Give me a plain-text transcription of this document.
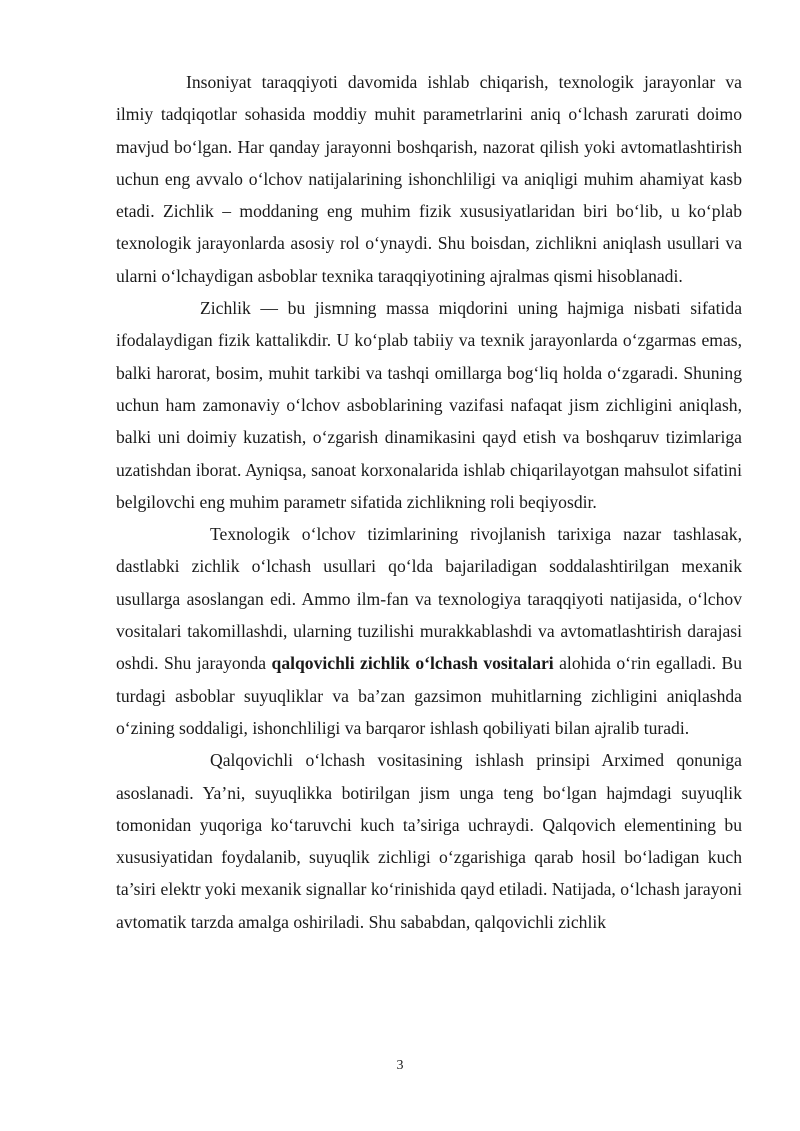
Insoniyat taraqqiyoti davomida ishlab chiqarish, texnologik jarayonlar va ilmiy tadqiqotlar sohasida moddiy muhit parametrlarini aniq o‘lchash zarurati doimo mavjud bo‘lgan. Har qanday jarayonni boshqarish, nazorat qilish yoki avtomatlashtirish uchun eng avvalo o‘lchov natijalarining ishonchliligi va aniqligi muhim ahamiyat kasb etadi. Zichlik – moddaning eng muhim fizik xususiyatlaridan biri bo‘lib, u ko‘plab texnologik jarayonlarda asosiy rol o‘ynaydi. Shu boisdan, zichlikni aniqlash usullari va ularni o‘lchaydigan asboblar texnika taraqqiyotining ajralmas qismi hisoblanadi.

Zichlik — bu jismning massa miqdorini uning hajmiga nisbati sifatida ifodalaydigan fizik kattalikdir. U ko‘plab tabiiy va texnik jarayonlarda o‘zgarmas emas, balki harorat, bosim, muhit tarkibi va tashqi omillarga bog‘liq holda o‘zgaradi. Shuning uchun ham zamonaviy o‘lchov asboblarining vazifasi nafaqat jism zichligini aniqlash, balki uni doimiy kuzatish, o‘zgarish dinamikasini qayd etish va boshqaruv tizimlariga uzatishdan iborat. Ayniqsa, sanoat korxonalarida ishlab chiqarilayotgan mahsulot sifatini belgilovchi eng muhim parametr sifatida zichlikning roli beqiyosdir.

Texnologik o‘lchov tizimlarining rivojlanish tarixiga nazar tashlasak, dastlabki zichlik o‘lchash usullari qo‘lda bajariladigan soddalashtirilgan mexanik usullarga asoslangan edi. Ammo ilm-fan va texnologiya taraqqiyoti natijasida, o‘lchov vositalari takomillashdi, ularning tuzilishi murakkablashdi va avtomatlashtirish darajasi oshdi. Shu jarayonda qalqovichli zichlik o‘lchash vositalari alohida o‘rin egalladi. Bu turdagi asboblar suyuqliklar va ba’zan gazsimon muhitlarning zichligini aniqlashda o‘zining soddaligi, ishonchliligi va barqaror ishlash qobiliyati bilan ajralib turadi.

Qalqovichli o‘lchash vositasining ishlash prinsipi Arximed qonuniga asoslanadi. Ya’ni, suyuqlikka botirilgan jism unga teng bo‘lgan hajmdagi suyuqlik tomonidan yuqoriga ko‘taruvchi kuch ta’siriga uchraydi. Qalqovich elementining bu xususiyatidan foydalanib, suyuqlik zichligi o‘zgarishiga qarab hosil bo‘ladigan kuch ta’siri elektr yoki mexanik signallar ko‘rinishida qayd etiladi. Natijada, o‘lchash jarayoni avtomatik tarzda amalga oshiriladi. Shu sababdan, qalqovichli zichlik

3
